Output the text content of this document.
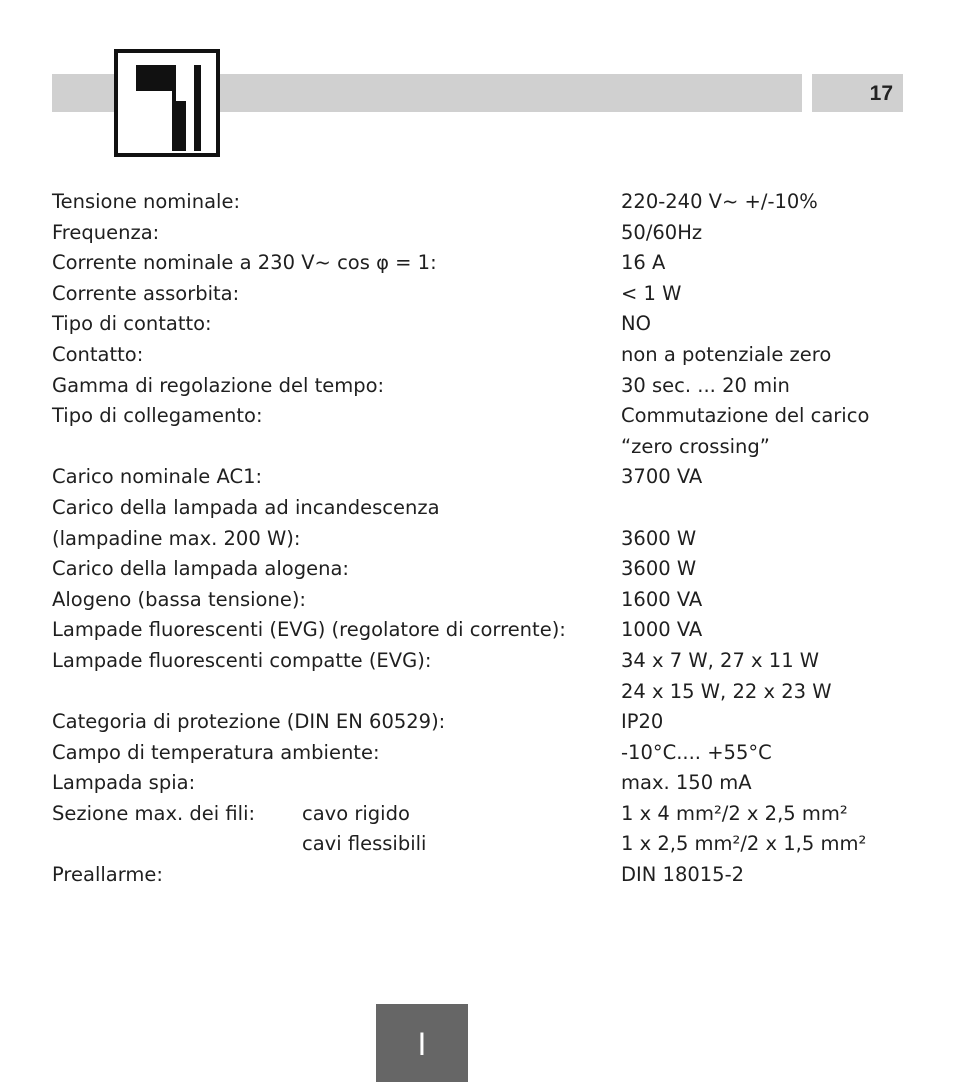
17
Tensione nominale:	220-240 V~ +/-10%
Frequenza:	50/60Hz
Corrente nominale a 230 V~ cos φ = 1:	16 A
Corrente assorbita:	< 1 W
Tipo di contatto:	NO
Contatto:	non a potenziale zero
Gamma di regolazione del tempo:	30 sec. ... 20 min
Tipo di collegamento:	Commutazione del carico
“zero crossing”
Carico nominale AC1:	3700 VA
Carico della lampada ad incandescenza
(lampadine max. 200 W):	3600 W
Carico della lampada alogena:	3600 W
Alogeno (bassa tensione):	1600 VA
Lampade fluorescenti (EVG) (regolatore di corrente):	1000 VA
Lampade fluorescenti compatte (EVG):	34 x 7 W, 27 x 11 W
24 x 15 W, 22 x 23 W
Categoria di protezione (DIN EN 60529):	IP20
Campo di temperatura ambiente:	-10°C.... +55°C
Lampada spia:	max. 150 mA
Sezione max. dei fili: cavo rigido	1 x 4 mm²/2 x 2,5 mm²
cavi flessibili	1 x 2,5 mm²/2 x 1,5 mm²
Preallarme:	DIN 18015-2
I
